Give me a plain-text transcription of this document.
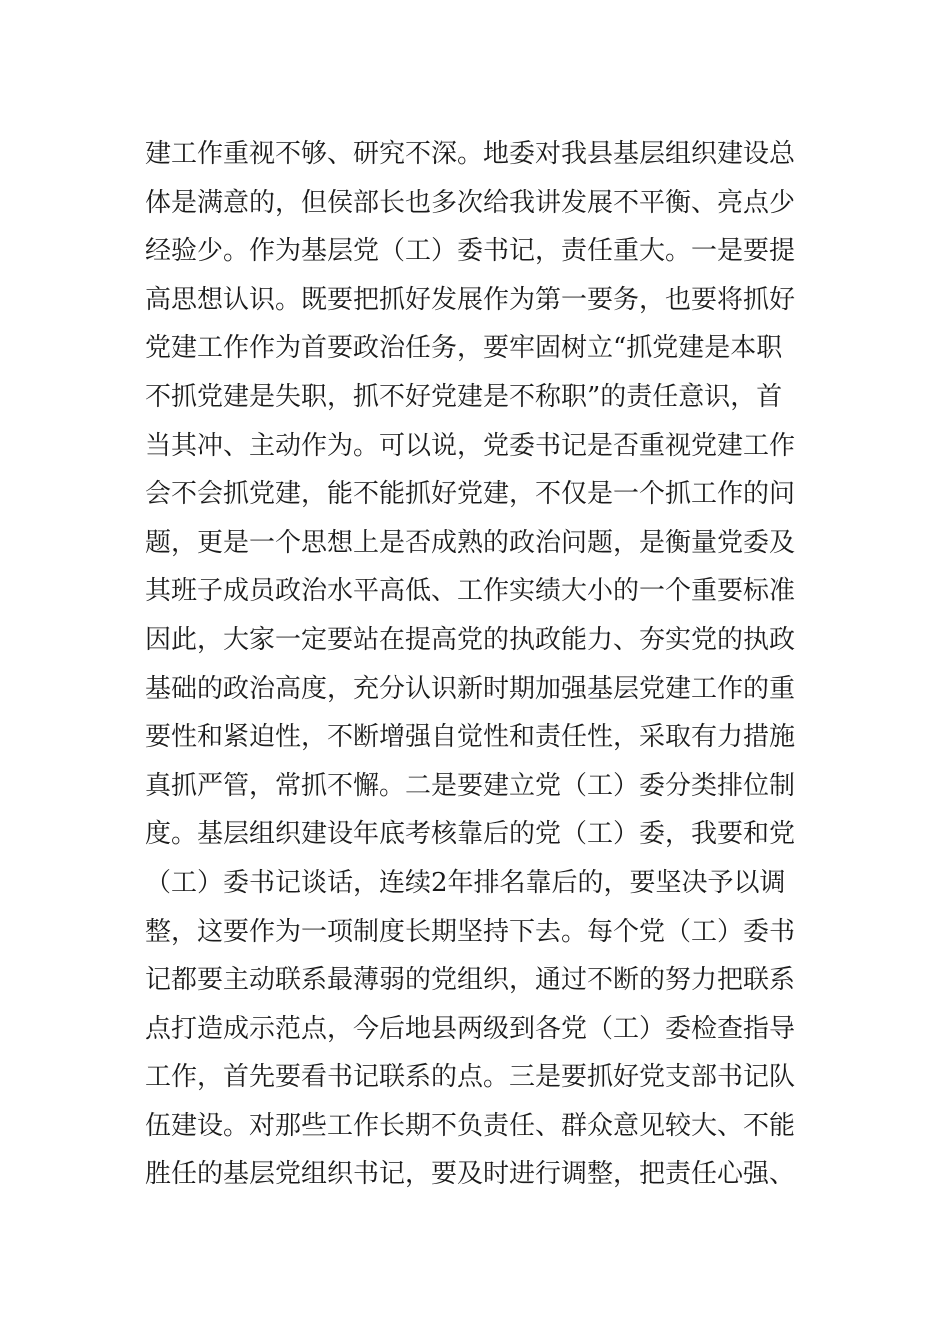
建工作重视不够、研究不深。地委对我县基层组织建设总
体是满意的，但侯部长也多次给我讲发展不平衡、亮点少
经验少。作为基层党（工）委书记，责任重大。一是要提
高思想认识。既要把抓好发展作为第一要务，也要将抓好
党建工作作为首要政治任务，要牢固树立“抓党建是本职
不抓党建是失职，抓不好党建是不称职”的责任意识，首
当其冲、主动作为。可以说，党委书记是否重视党建工作
会不会抓党建，能不能抓好党建，不仅是一个抓工作的问
题，更是一个思想上是否成熟的政治问题，是衡量党委及
其班子成员政治水平高低、工作实绩大小的一个重要标准
因此，大家一定要站在提高党的执政能力、夯实党的执政
基础的政治高度，充分认识新时期加强基层党建工作的重
要性和紧迫性，不断增强自觉性和责任性，采取有力措施
真抓严管，常抓不懈。二是要建立党（工）委分类排位制
度。基层组织建设年底考核靠后的党（工）委，我要和党
（工）委书记谈话，连续2年排名靠后的，要坚决予以调
整，这要作为一项制度长期坚持下去。每个党（工）委书
记都要主动联系最薄弱的党组织，通过不断的努力把联系
点打造成示范点，今后地县两级到各党（工）委检查指导
工作，首先要看书记联系的点。三是要抓好党支部书记队
伍建设。对那些工作长期不负责任、群众意见较大、不能
胜任的基层党组织书记，要及时进行调整，把责任心强、
